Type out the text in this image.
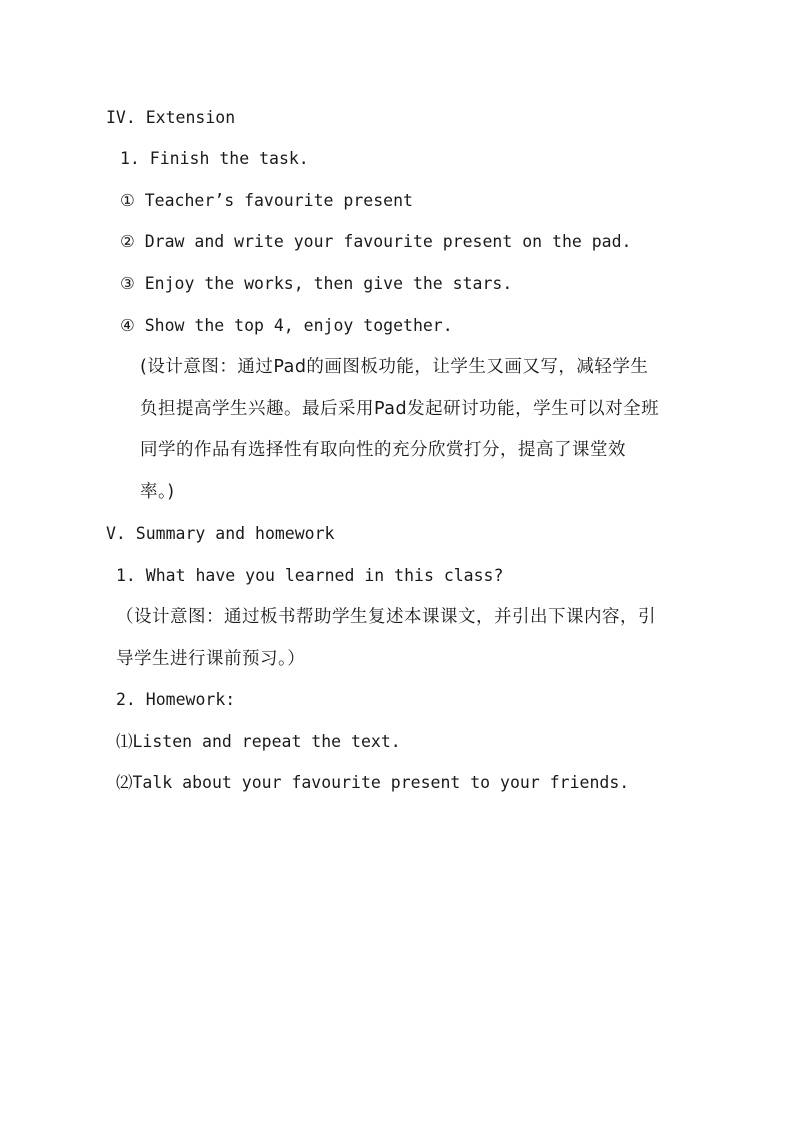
IV. Extension
1. Finish the task.
① Teacher’s favourite present
② Draw and write your favourite present on the pad.
③ Enjoy the works, then give the stars.
④ Show the top 4, enjoy together.
(设计意图：通过Pad的画图板功能，让学生又画又写，减轻学生
负担提高学生兴趣。最后采用Pad发起研讨功能，学生可以对全班
同学的作品有选择性有取向性的充分欣赏打分，提高了课堂效
率。)
V. Summary and homework
1. What have you learned in this class?
（设计意图：通过板书帮助学生复述本课课文，并引出下课内容，引
导学生进行课前预习。）
2. Homework:
⑴Listen and repeat the text.
⑵Talk about your favourite present to your friends.
